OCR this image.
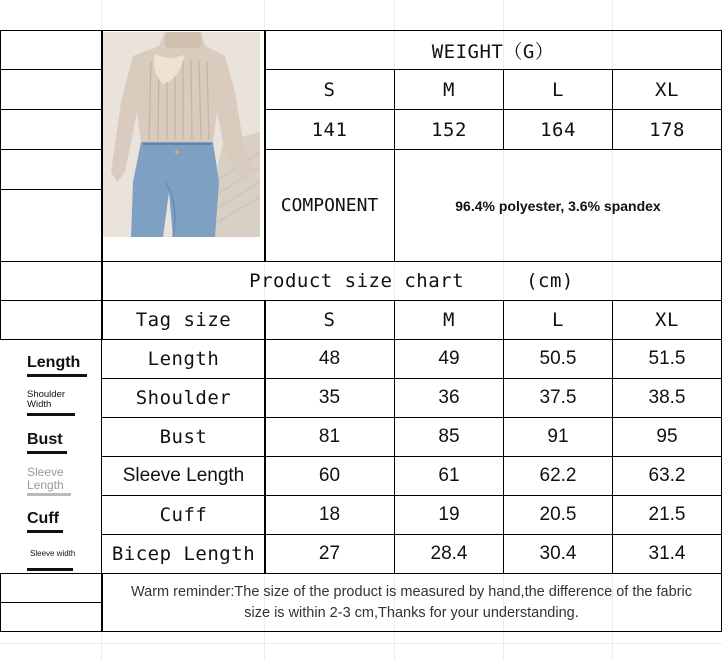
WEIGHT（G）
S	M	L	XL
141	152	164	178
COMPONENT	96.4% polyester, 3.6% spandex
Product size chart	(cm)
Tag size	S	M	L	XL
Length	48	49	50.5	51.5
Shoulder	35	36	37.5	38.5
Bust	81	85	91	95
Sleeve Length	60	61	62.2	63.2
Cuff	18	19	20.5	21.5
Bicep Length	27	28.4	30.4	31.4
Warm reminder:The size of the product is measured by hand,the difference of the fabric
size is within 2-3 cm,Thanks for your understanding.
Length
Shoulder
Width
Bust
Sleeve
Length
Cuff
Sleeve width
